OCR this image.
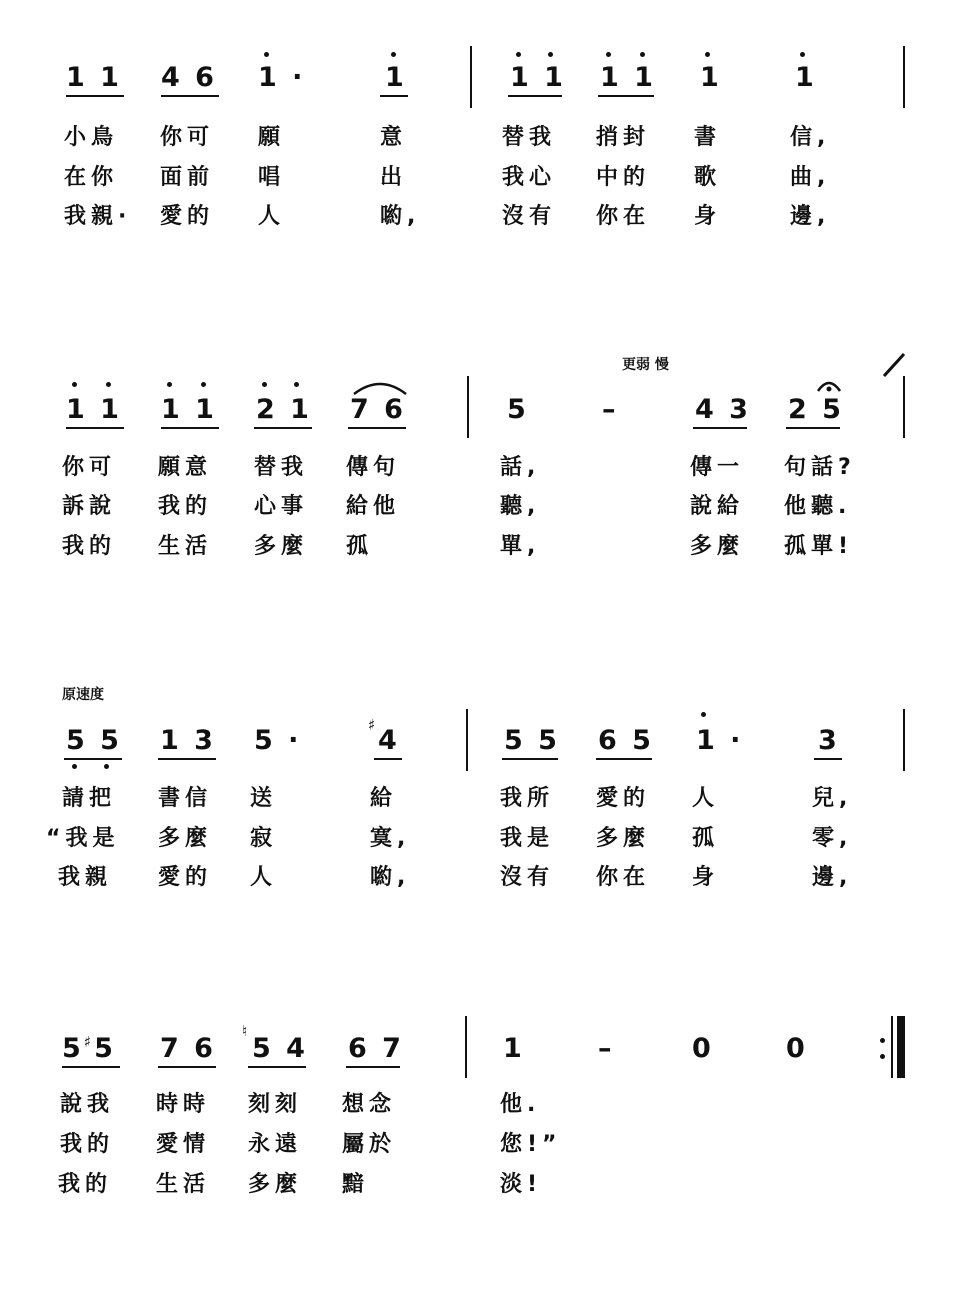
1 1 4 6 1 ·	1	1 1 1 1 1	1
小鳥 你可 願	意	替我 捎封 書	信,
在你 面前 唱	出	我心 中的 歌	曲,
我親· 愛的 人	喲,	沒有 你在 身	邊,
更弱 慢
1 1 1 1 2 1 7 6	5	–	4 3 2 5
你可 願意 替我 傳句	話,	傳一 句話?
訴說 我的 心事 給他	聽,	說給 他聽.
我的 生活 多麼 孤	單,	多麼 孤單!
原速度
5 5 1 3 5 ·	♯ 4	5 5 6 5 1 ·	3
請把 書信 送	給	我所 愛的 人	兒,
“我是 多麼 寂	寞,	我是 多麼 孤	零,
我親 愛的 人	喲,	沒有 你在 身	邊,
5♯5 7 6
♮
5 4 6 7	1	–	0	0
說我 時時 刻刻 想念	他.
我的 愛情 永遠 屬於	您!”
我的 生活 多麼 黯	淡!
